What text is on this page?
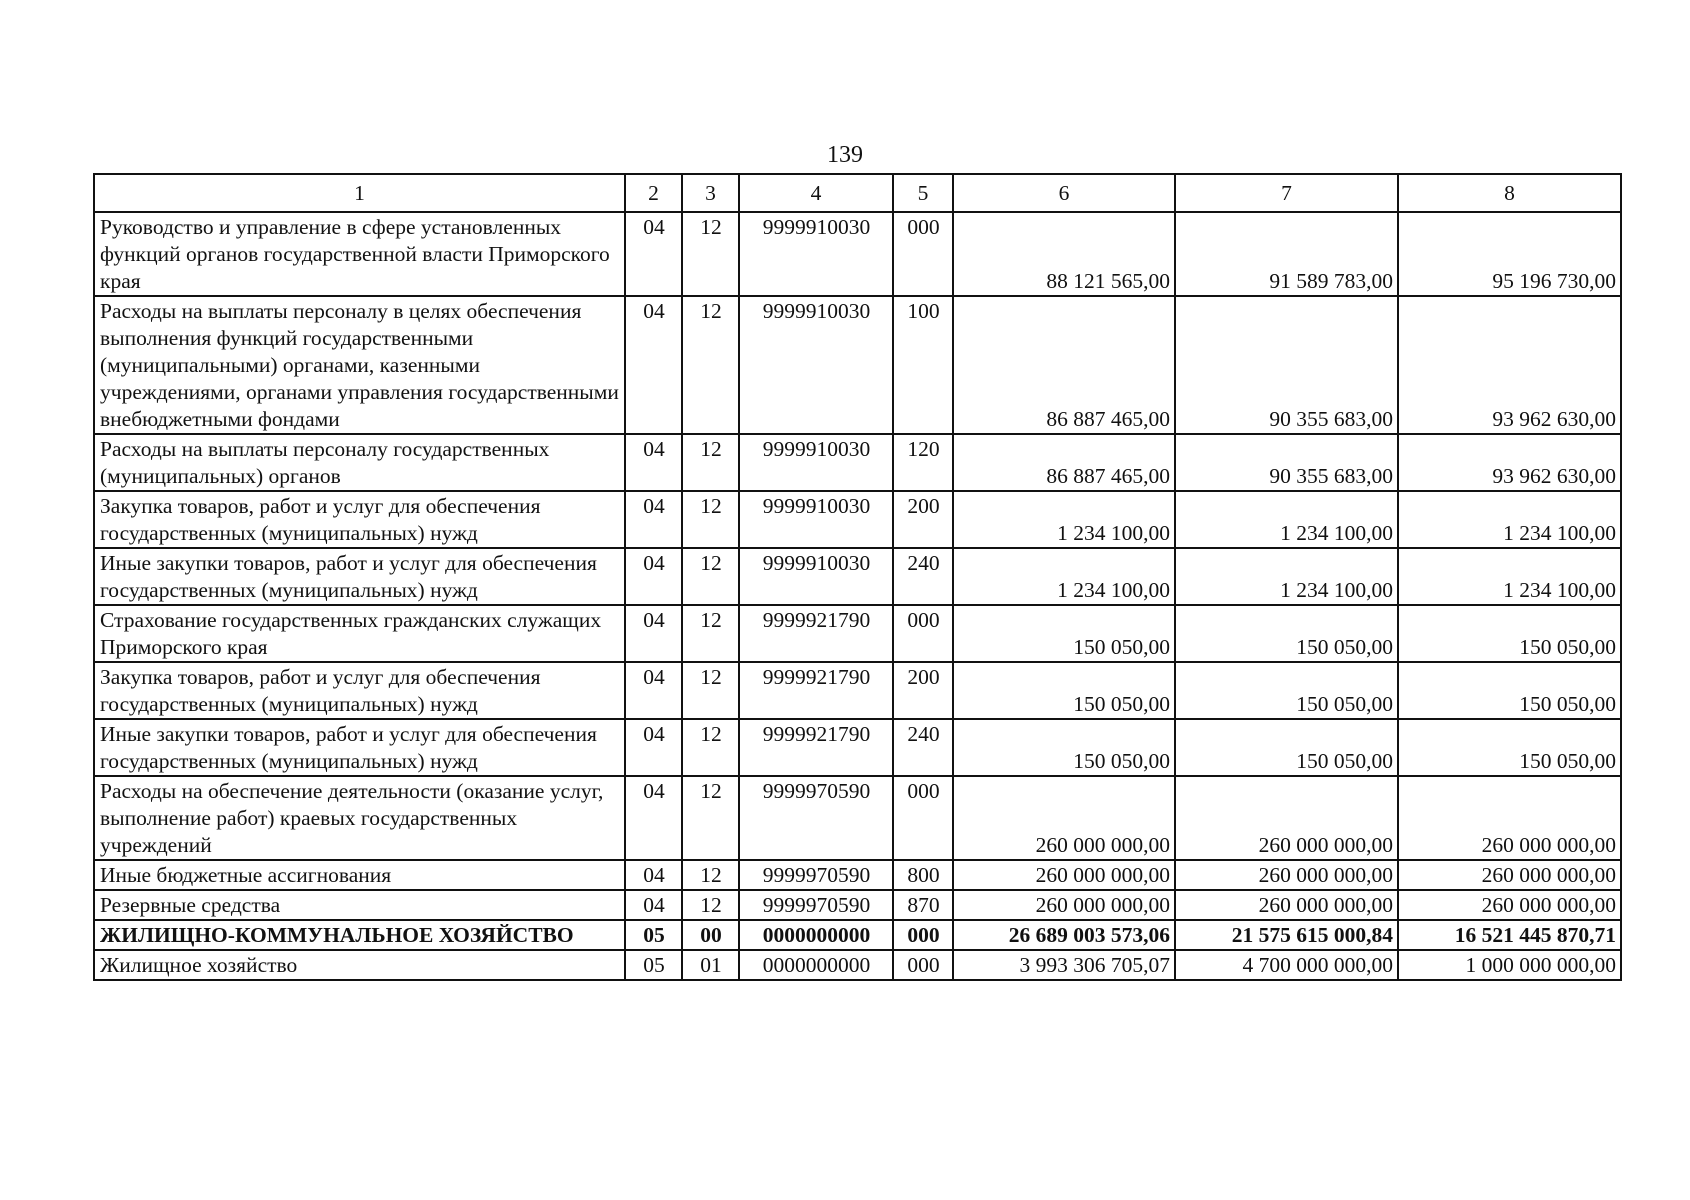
139
1	2	3	4	5	6	7	8
Руководство и управление в сфере установленных функций органов государственной власти Приморского края	04	12	9999910030	000	88 121 565,00	91 589 783,00	95 196 730,00
Расходы на выплаты персоналу в целях обеспечения выполнения функций государственными (муниципальными) органами, казенными учреждениями, органами управления государственными внебюджетными фондами	04	12	9999910030	100	86 887 465,00	90 355 683,00	93 962 630,00
Расходы на выплаты персоналу государственных (муниципальных) органов	04	12	9999910030	120	86 887 465,00	90 355 683,00	93 962 630,00
Закупка товаров, работ и услуг для обеспечения государственных (муниципальных) нужд	04	12	9999910030	200	1 234 100,00	1 234 100,00	1 234 100,00
Иные закупки товаров, работ и услуг для обеспечения государственных (муниципальных) нужд	04	12	9999910030	240	1 234 100,00	1 234 100,00	1 234 100,00
Страхование государственных гражданских служащих Приморского края	04	12	9999921790	000	150 050,00	150 050,00	150 050,00
Закупка товаров, работ и услуг для обеспечения государственных (муниципальных) нужд	04	12	9999921790	200	150 050,00	150 050,00	150 050,00
Иные закупки товаров, работ и услуг для обеспечения государственных (муниципальных) нужд	04	12	9999921790	240	150 050,00	150 050,00	150 050,00
Расходы на обеспечение деятельности (оказание услуг, выполнение работ) краевых государственных учреждений	04	12	9999970590	000	260 000 000,00	260 000 000,00	260 000 000,00
Иные бюджетные ассигнования	04	12	9999970590	800	260 000 000,00	260 000 000,00	260 000 000,00
Резервные средства	04	12	9999970590	870	260 000 000,00	260 000 000,00	260 000 000,00
ЖИЛИЩНО-КОММУНАЛЬНОЕ ХОЗЯЙСТВО	05	00	0000000000	000	26 689 003 573,06	21 575 615 000,84	16 521 445 870,71
Жилищное хозяйство	05	01	0000000000	000	3 993 306 705,07	4 700 000 000,00	1 000 000 000,00
